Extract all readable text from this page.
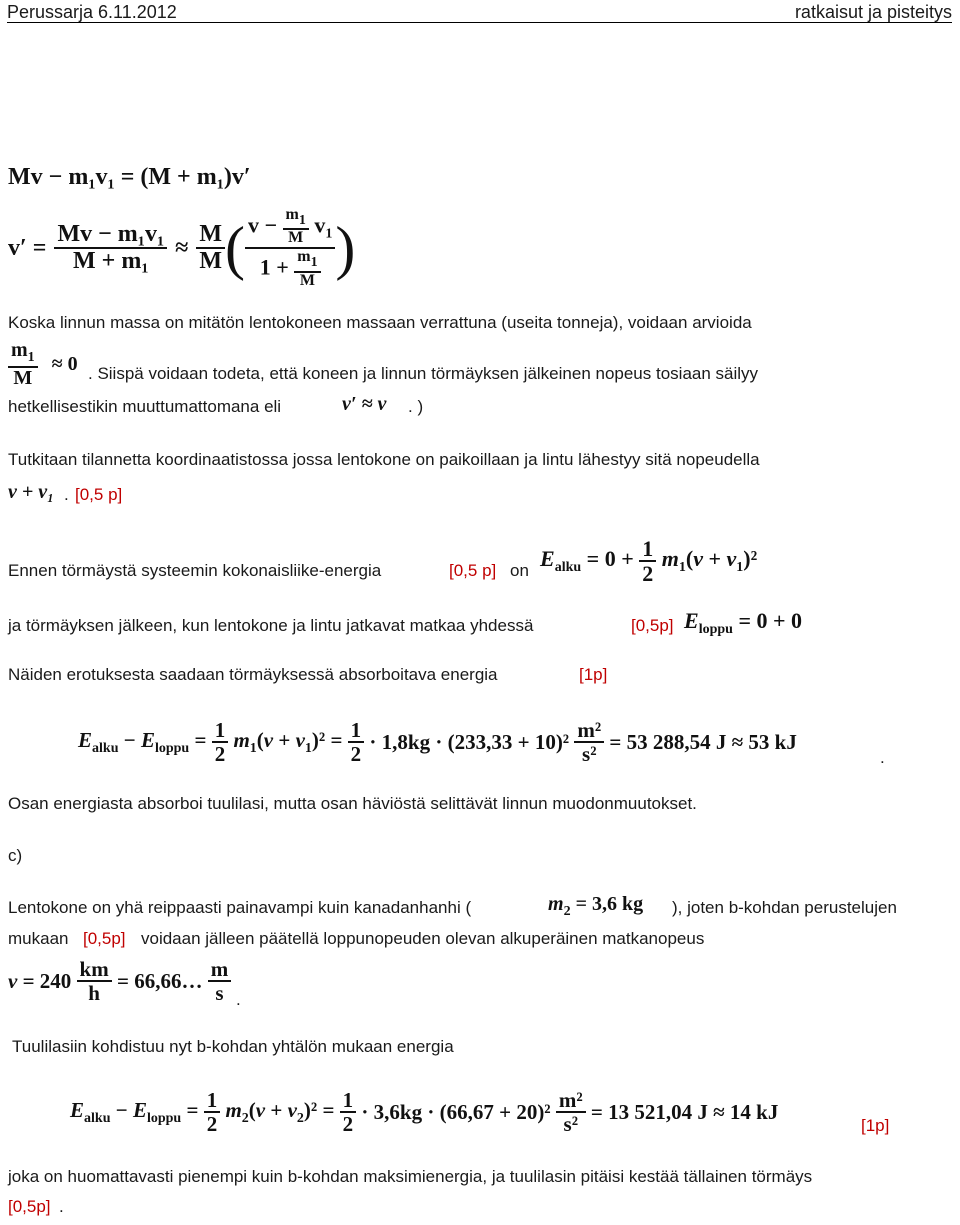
Perussarja 6.11.2012	ratkaisut ja pisteitys
Mv − m₁v₁ = (M + m₁)v′
$v' = \frac{\text{Mv − m₁v₁}}{\text{M + m₁}} \approx \frac{M}{M}$ ( $\frac{v - \frac{m1}{M} v_1}{1 + \frac{m1}{M}}$ )
Koska linnun massa on mitätön lentokoneen massaan verrattuna (useita tonneja), voidaan arvioida
$\frac{m_1}{M} \approx 0$ . Siispä voidaan todeta, että koneen ja linnun törmäyksen jälkeinen nopeus tosiaan säilyy
hetkellisestikin muuttumattomana eli	v′ ≈ v . )
Tutkitaan tilannetta koordinaatistossa jossa lentokone on paikoillaan ja lintu lähestyy sitä nopeudella
v + v₁ . [0,5 p]
Ennen törmäystä systeemin kokonaisliike-energia	[0,5 p] on $E_{alku} = 0 + \frac{1}{2} m_1(v + v_1)^2$
ja törmäyksen jälkeen, kun lentokone ja lintu jatkavat matkaa yhdessä	[0,5p] $E_{loppu} = 0 + 0$
Näiden erotuksesta saadaan törmäyksessä absorboitava energia	[1p]
$E_{alku} - E_{loppu} = \frac{1}{2} m_1(v + v_1)^2 = \frac{1}{2} \cdot 1,8kg \cdot (233,33 + 10)^2 \frac{\text{m²}}{\text{s²}} = 53$ 288,54 J ≈ 53 kJ
.
Osan energiasta absorboi tuulilasi, mutta osan häviöstä selittävät linnun muodonmuutokset.
c)
Lentokone on yhä reippaasti painavampi kuin kanadanhanhi (	$m_2 = 3,6$ kg ), joten b-kohdan perustelujen
mukaan [0,5p] voidaan jälleen päätellä loppunopeuden olevan alkuperäinen matkanopeus
$v = 240 \frac{km}{h}$ = 66,66… $\frac{m}{s}$ .
Tuulilasiin kohdistuu nyt b-kohdan yhtälön mukaan energia
$E_{alku} - E_{loppu} = \frac{1}{2} m_2(v + v_2)^2 = \frac{1}{2} \cdot 3,6kg \cdot (66,67 + 20)^2 \frac{\text{m²}}{\text{s²}} = 13$ 521,04 J ≈ 14 kJ
[1p]
joka on huomattavasti pienempi kuin b-kohdan maksimienergia, ja tuulilasin pitäisi kestää tällainen törmäys
[0,5p] .
